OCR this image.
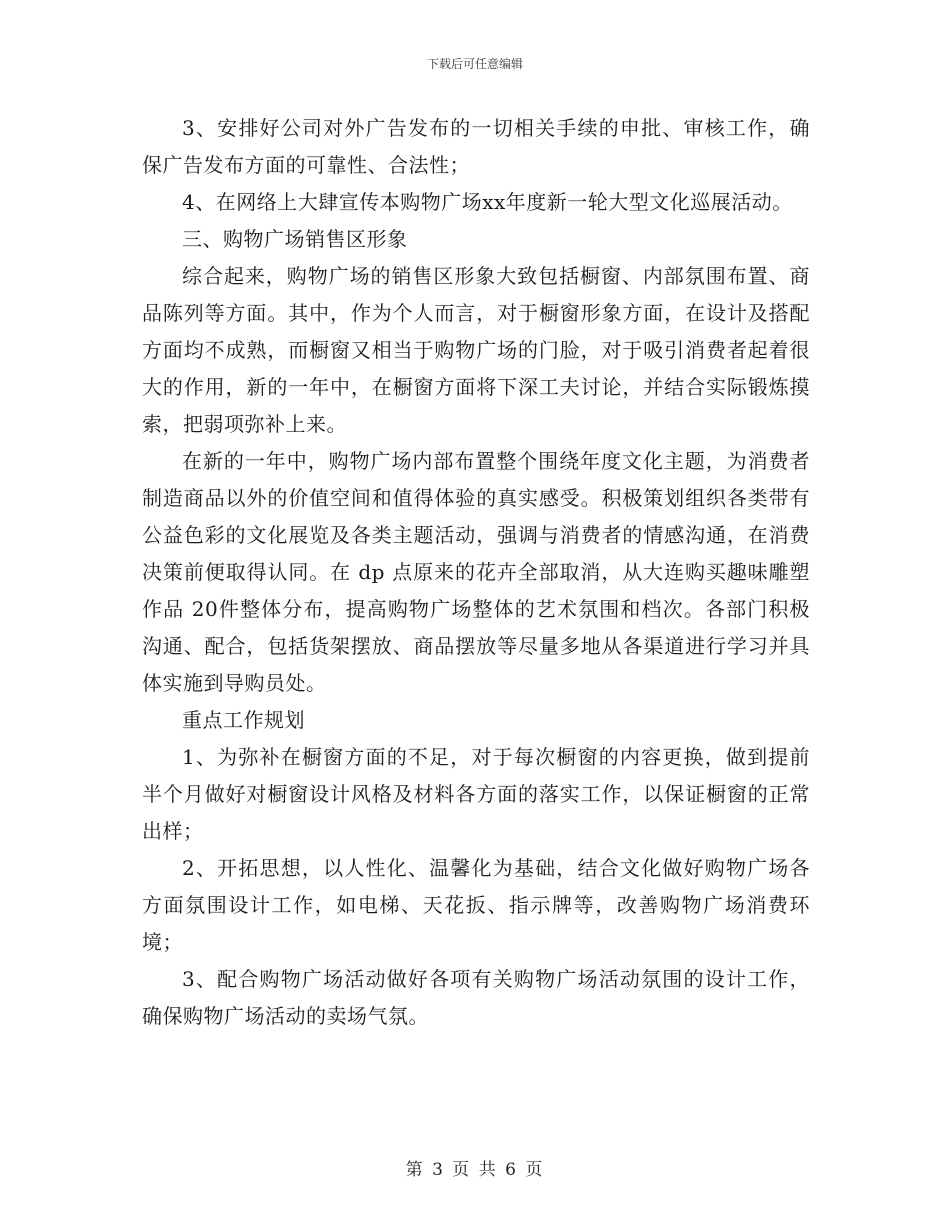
下载后可任意编辑

3、安排好公司对外广告发布的一切相关手续的申批、审核工作，确保广告发布方面的可靠性、合法性；

4、在网络上大肆宣传本购物广场xx年度新一轮大型文化巡展活动。

三、购物广场销售区形象

综合起来，购物广场的销售区形象大致包括橱窗、内部氛围布置、商品陈列等方面。其中，作为个人而言，对于橱窗形象方面，在设计及搭配方面均不成熟，而橱窗又相当于购物广场的门脸，对于吸引消费者起着很大的作用，新的一年中，在橱窗方面将下深工夫讨论，并结合实际锻炼摸索，把弱项弥补上来。

在新的一年中，购物广场内部布置整个围绕年度文化主题，为消费者制造商品以外的价值空间和值得体验的真实感受。积极策划组织各类带有公益色彩的文化展览及各类主题活动，强调与消费者的情感沟通，在消费决策前便取得认同。在 dp 点原来的花卉全部取消，从大连购买趣味雕塑作品 20件整体分布，提高购物广场整体的艺术氛围和档次。各部门积极沟通、配合，包括货架摆放、商品摆放等尽量多地从各渠道进行学习并具体实施到导购员处。

重点工作规划

1、为弥补在橱窗方面的不足，对于每次橱窗的内容更换，做到提前半个月做好对橱窗设计风格及材料各方面的落实工作，以保证橱窗的正常出样；

2、开拓思想，以人性化、温馨化为基础，结合文化做好购物广场各方面氛围设计工作，如电梯、天花扳、指示牌等，改善购物广场消费环境；

3、配合购物广场活动做好各项有关购物广场活动氛围的设计工作，确保购物广场活动的卖场气氛。

第 3 页 共 6 页
